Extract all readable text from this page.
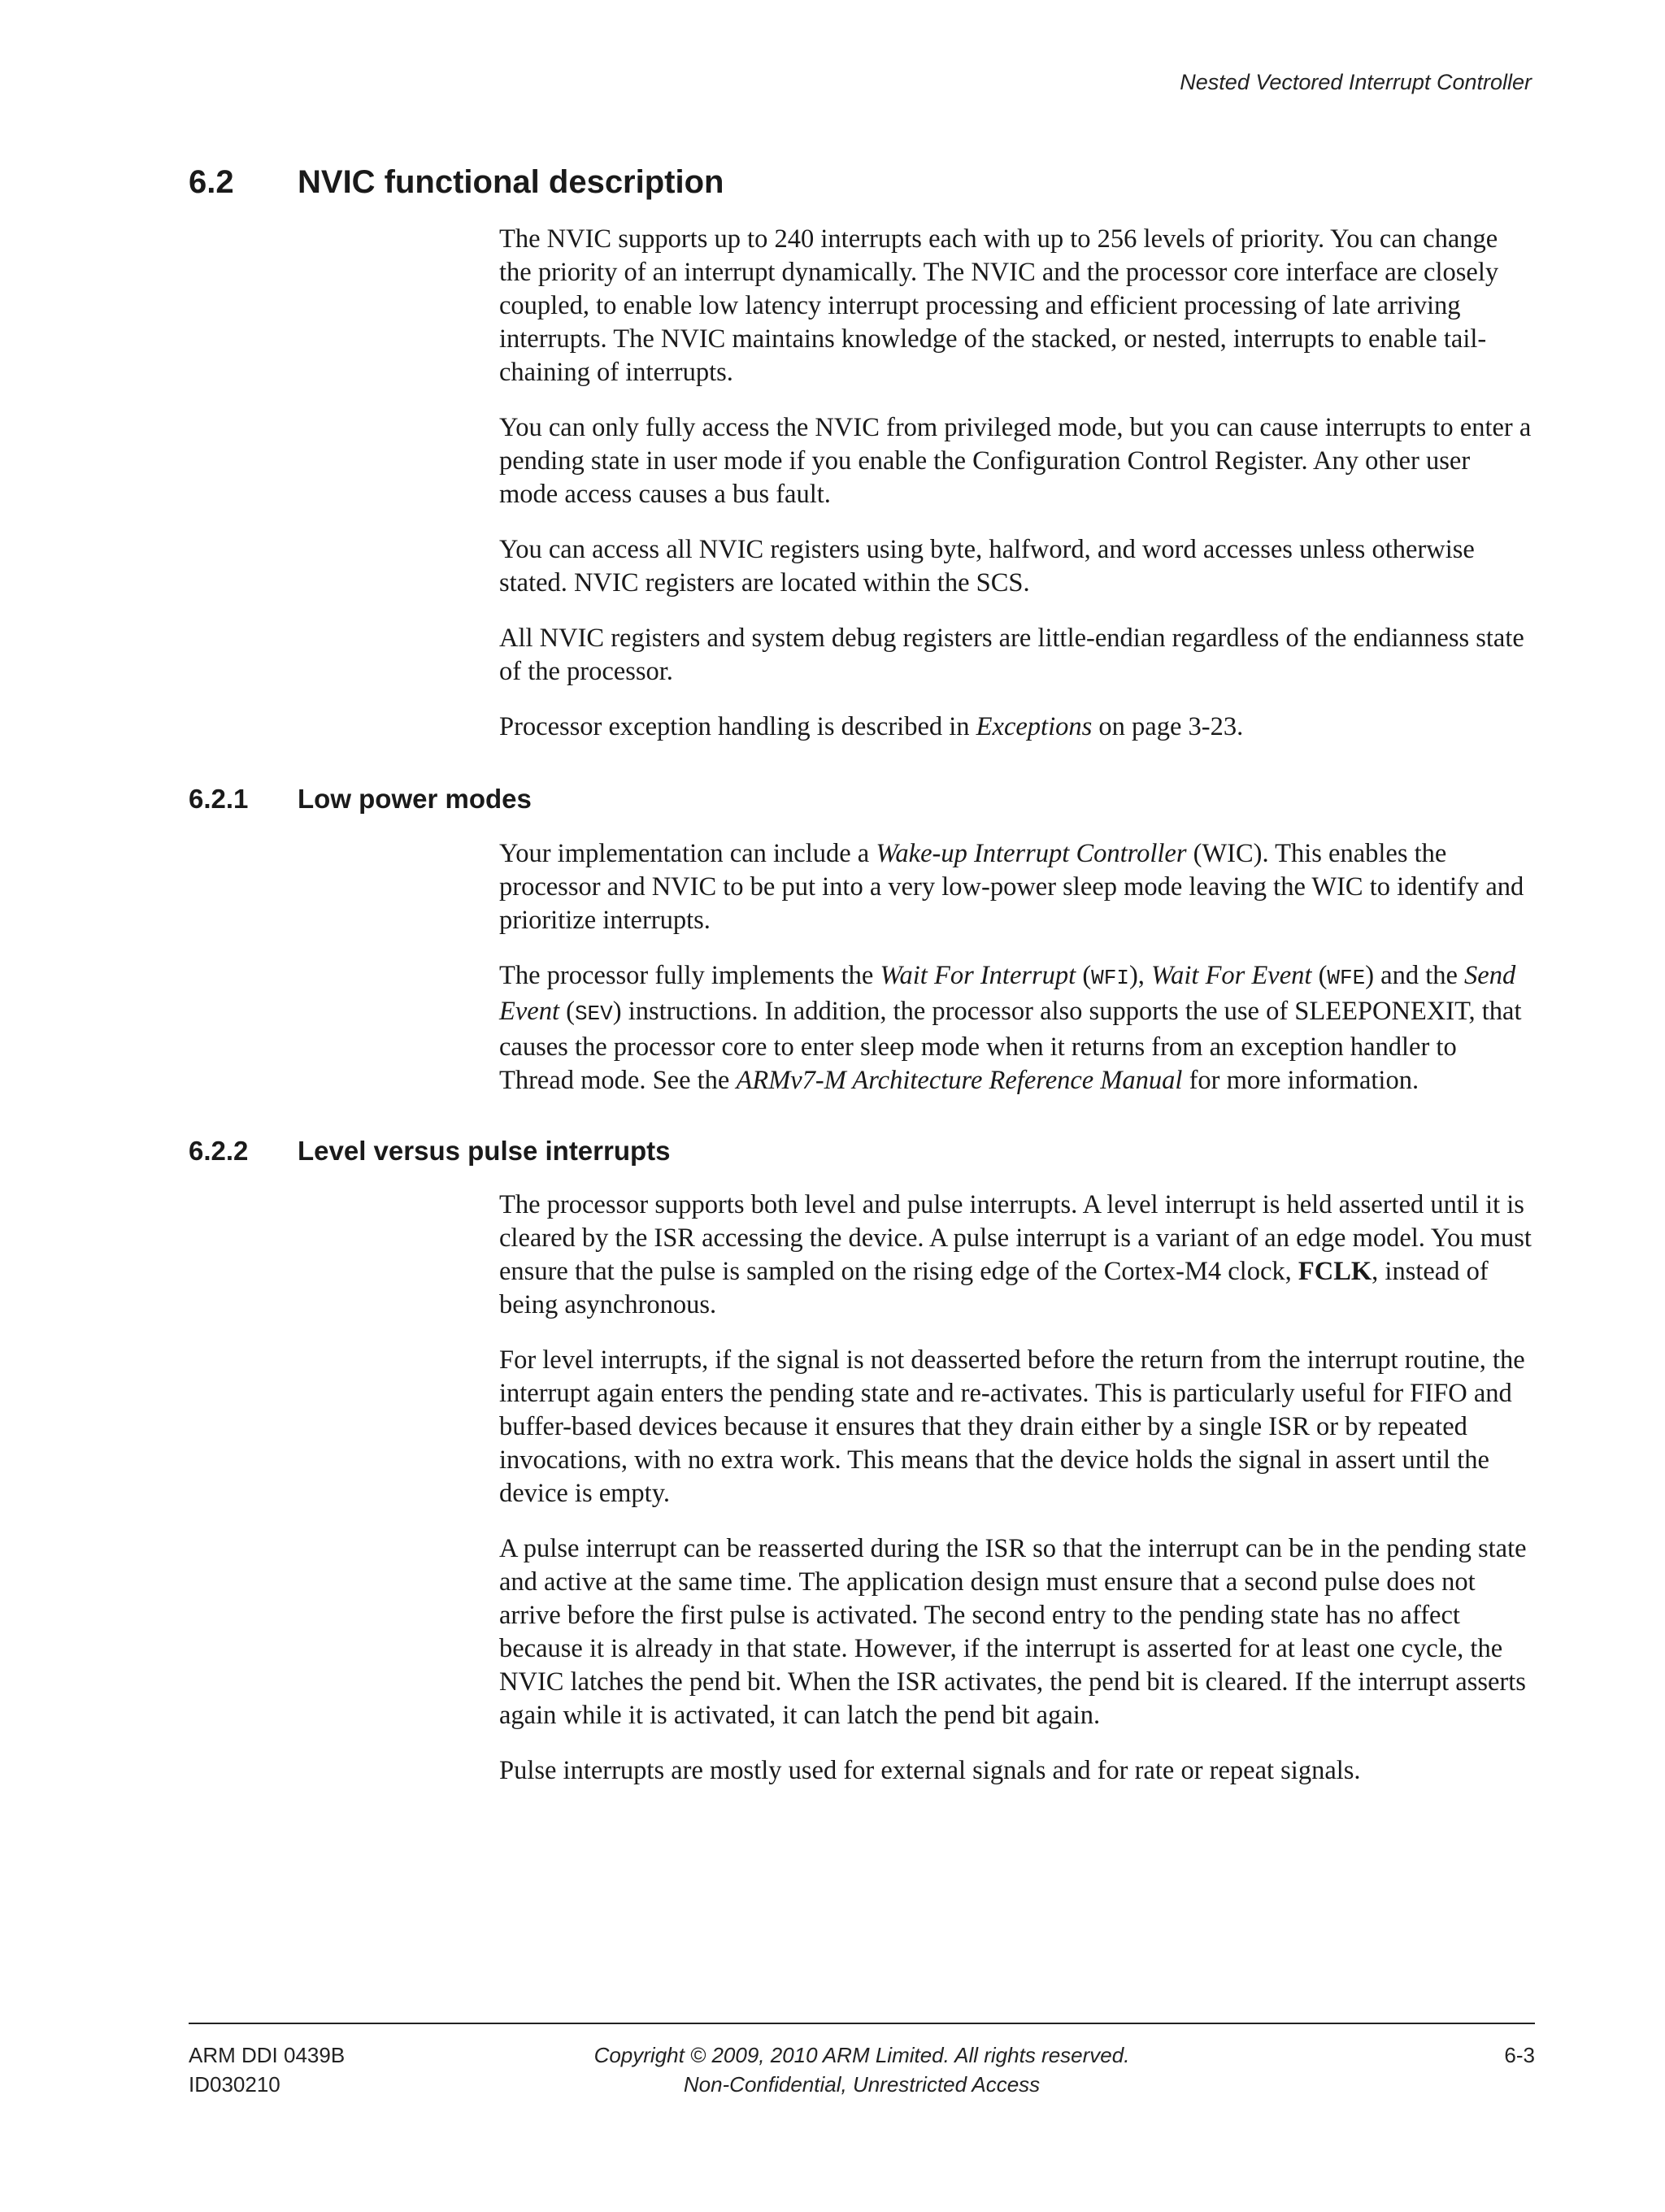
Nested Vectored Interrupt Controller
6.2 NVIC functional description

The NVIC supports up to 240 interrupts each with up to 256 levels of priority. You can change the priority of an interrupt dynamically. The NVIC and the processor core interface are closely coupled, to enable low latency interrupt processing and efficient processing of late arriving interrupts. The NVIC maintains knowledge of the stacked, or nested, interrupts to enable tail-chaining of interrupts.

You can only fully access the NVIC from privileged mode, but you can cause interrupts to enter a pending state in user mode if you enable the Configuration Control Register. Any other user mode access causes a bus fault.

You can access all NVIC registers using byte, halfword, and word accesses unless otherwise stated. NVIC registers are located within the SCS.

All NVIC registers and system debug registers are little-endian regardless of the endianness state of the processor.

Processor exception handling is described in Exceptions on page 3-23.

6.2.1 Low power modes

Your implementation can include a Wake-up Interrupt Controller (WIC). This enables the processor and NVIC to be put into a very low-power sleep mode leaving the WIC to identify and prioritize interrupts.

The processor fully implements the Wait For Interrupt (WFI), Wait For Event (WFE) and the Send Event (SEV) instructions. In addition, the processor also supports the use of SLEEPONEXIT, that causes the processor core to enter sleep mode when it returns from an exception handler to Thread mode. See the ARMv7-M Architecture Reference Manual for more information.

6.2.2 Level versus pulse interrupts

The processor supports both level and pulse interrupts. A level interrupt is held asserted until it is cleared by the ISR accessing the device. A pulse interrupt is a variant of an edge model. You must ensure that the pulse is sampled on the rising edge of the Cortex-M4 clock, FCLK, instead of being asynchronous.

For level interrupts, if the signal is not deasserted before the return from the interrupt routine, the interrupt again enters the pending state and re-activates. This is particularly useful for FIFO and buffer-based devices because it ensures that they drain either by a single ISR or by repeated invocations, with no extra work. This means that the device holds the signal in assert until the device is empty.

A pulse interrupt can be reasserted during the ISR so that the interrupt can be in the pending state and active at the same time. The application design must ensure that a second pulse does not arrive before the first pulse is activated. The second entry to the pending state has no affect because it is already in that state. However, if the interrupt is asserted for at least one cycle, the NVIC latches the pend bit. When the ISR activates, the pend bit is cleared. If the interrupt asserts again while it is activated, it can latch the pend bit again.

Pulse interrupts are mostly used for external signals and for rate or repeat signals.

ARM DDI 0439B
ID030210
Copyright © 2009, 2010 ARM Limited. All rights reserved.
Non-Confidential, Unrestricted Access
6-3
